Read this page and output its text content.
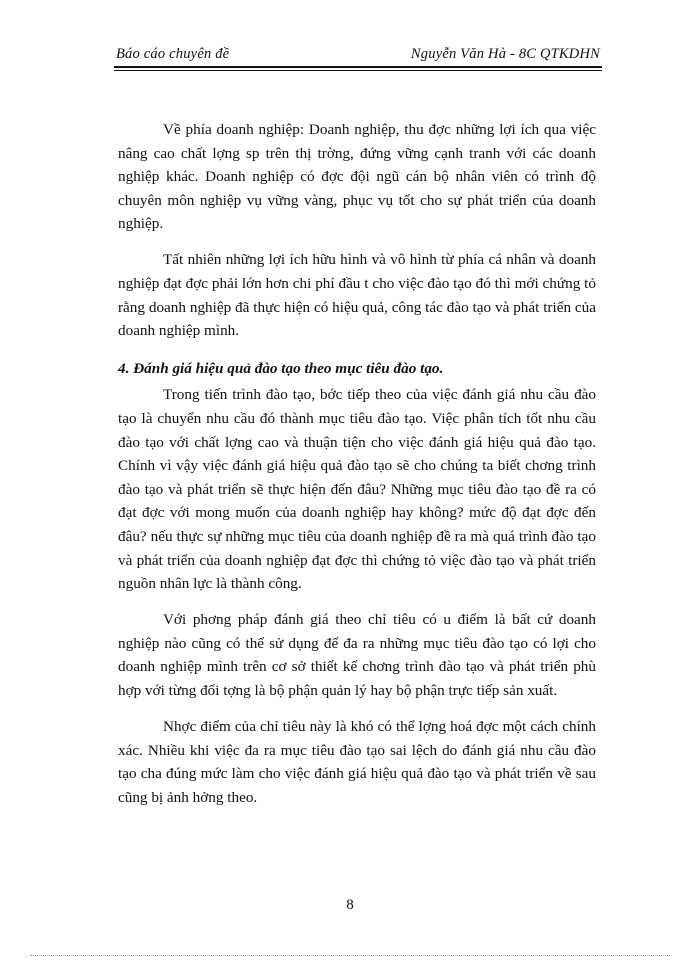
Báo cáo chuyên đề	Nguyễn Văn Hà - 8C QTKDHN

Về phía doanh nghiệp: Doanh nghiệp, thu đợc những lợi ích qua việc nâng cao chất lợng sp trên thị trờng, đứng vững cạnh tranh với các doanh nghiệp khác. Doanh nghiệp có đợc đội ngũ cán bộ nhân viên có trình độ chuyên môn nghiệp vụ vững vàng, phục vụ tốt cho sự phát triển của doanh nghiệp.

Tất nhiên những lợi ích hữu hình và vô hình từ phía cá nhân và doanh nghiệp đạt đợc phải lớn hơn chi phí đầu t cho việc đào tạo đó thì mới chứng tỏ rằng doanh nghiệp đã thực hiện có hiệu quả, công tác đào tạo và phát triển của doanh nghiệp mình.

4. Đánh giá hiệu quả đào tạo theo mục tiêu đào tạo.

Trong tiến trình đào tạo, bớc tiếp theo của việc đánh giá nhu cầu đào tạo là chuyển nhu cầu đó thành mục tiêu đào tạo. Việc phân tích tốt nhu cầu đào tạo với chất lợng cao và thuận tiện cho việc đánh giá hiệu quả đào tạo. Chính vì vậy việc đánh giá hiệu quả đào tạo sẽ cho chúng ta biết chơng trình đào tạo và phát triển sẽ thực hiện đến đâu? Những mục tiêu đào tạo đề ra có đạt đợc với mong muốn của doanh nghiệp hay không? mức độ đạt đợc đến đâu? nếu thực sự những mục tiêu của doanh nghiệp đề ra mà quá trình đào tạo và phát triển của doanh nghiệp đạt đợc thì chứng tỏ việc đào tạo và phát triển nguồn nhân lực là thành công.

Với phơng pháp đánh giá theo chỉ tiêu có u điểm là bất cứ doanh nghiệp nào cũng có thể sử dụng để đa ra những mục tiêu đào tạo có lợi cho doanh nghiệp mình trên cơ sở thiết kế chơng trình đào tạo và phát triển phù hợp với từng đối tợng là bộ phận quản lý hay bộ phận trực tiếp sản xuất.

Nhợc điểm của chỉ tiêu này là khó có thể lợng hoá đợc một cách chính xác. Nhiều khi việc đa ra mục tiêu đào tạo sai lệch do đánh giá nhu cầu đào tạo cha đúng mức làm cho việc đánh giá hiệu quả đào tạo và phát triển về sau cũng bị ảnh hởng theo.

8
